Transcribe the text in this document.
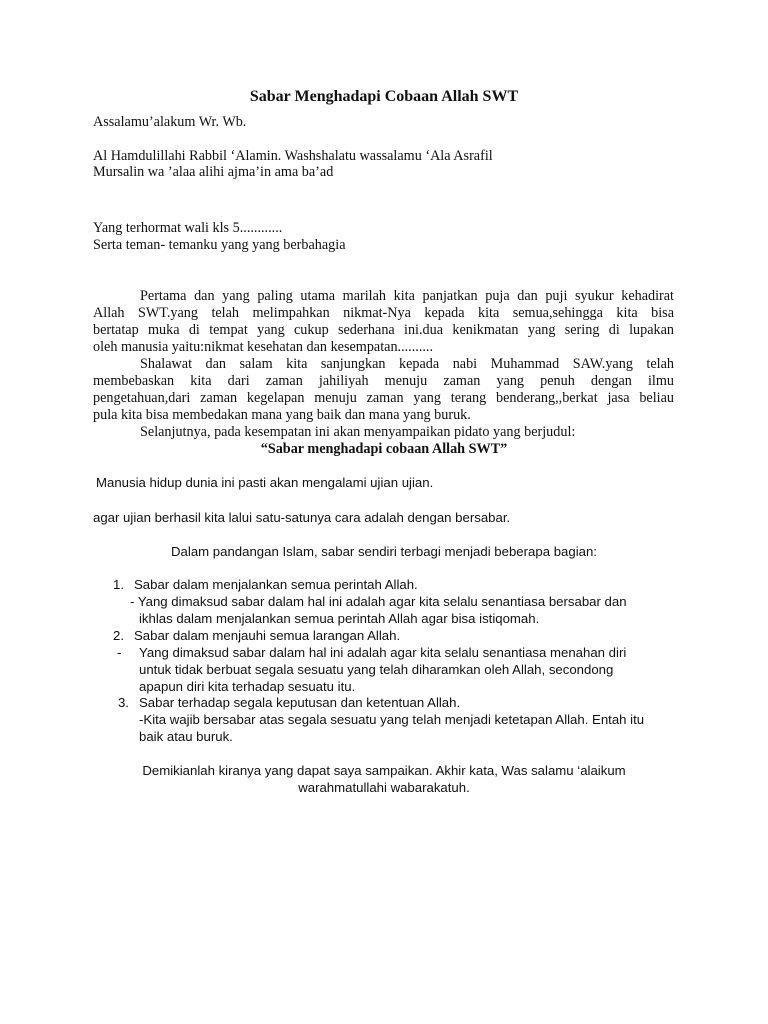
Sabar Menghadapi Cobaan Allah SWT
Assalamu’alakum Wr. Wb.
Al Hamdulillahi Rabbil ‘Alamin. Washshalatu wassalamu ‘Ala Asrafil
Mursalin wa ’alaa alihi ajma’in ama ba’ad
Yang terhormat wali kls 5............
Serta teman- temanku yang yang berbahagia
Pertama dan yang paling utama marilah kita panjatkan puja dan puji syukur kehadirat
Allah SWT.yang telah melimpahkan nikmat-Nya kepada kita semua,sehingga kita bisa
bertatap muka di tempat yang cukup sederhana ini.dua kenikmatan yang sering di lupakan
oleh manusia yaitu:nikmat kesehatan dan kesempatan..........
Shalawat dan salam kita sanjungkan kepada nabi Muhammad SAW.yang telah
membebaskan kita dari zaman jahiliyah menuju zaman yang penuh dengan ilmu
pengetahuan,dari zaman kegelapan menuju zaman yang terang benderang,,berkat jasa beliau
pula kita bisa membedakan mana yang baik dan mana yang buruk.
Selanjutnya, pada kesempatan ini akan menyampaikan pidato yang berjudul:
“Sabar menghadapi cobaan Allah SWT”
Manusia hidup dunia ini pasti akan mengalami ujian ujian.
agar ujian berhasil kita lalui satu-satunya cara adalah dengan bersabar.
Dalam pandangan Islam, sabar sendiri terbagi menjadi beberapa bagian:
1. Sabar dalam menjalankan semua perintah Allah.
- Yang dimaksud sabar dalam hal ini adalah agar kita selalu senantiasa bersabar dan
ikhlas dalam menjalankan semua perintah Allah agar bisa istiqomah.
2. Sabar dalam menjauhi semua larangan Allah.
- Yang dimaksud sabar dalam hal ini adalah agar kita selalu senantiasa menahan diri
untuk tidak berbuat segala sesuatu yang telah diharamkan oleh Allah, secondong
apapun diri kita terhadap sesuatu itu.
3. Sabar terhadap segala keputusan dan ketentuan Allah.
-Kita wajib bersabar atas segala sesuatu yang telah menjadi ketetapan Allah. Entah itu
baik atau buruk.
Demikianlah kiranya yang dapat saya sampaikan. Akhir kata, Was salamu ‘alaikum
warahmatullahi wabarakatuh.
